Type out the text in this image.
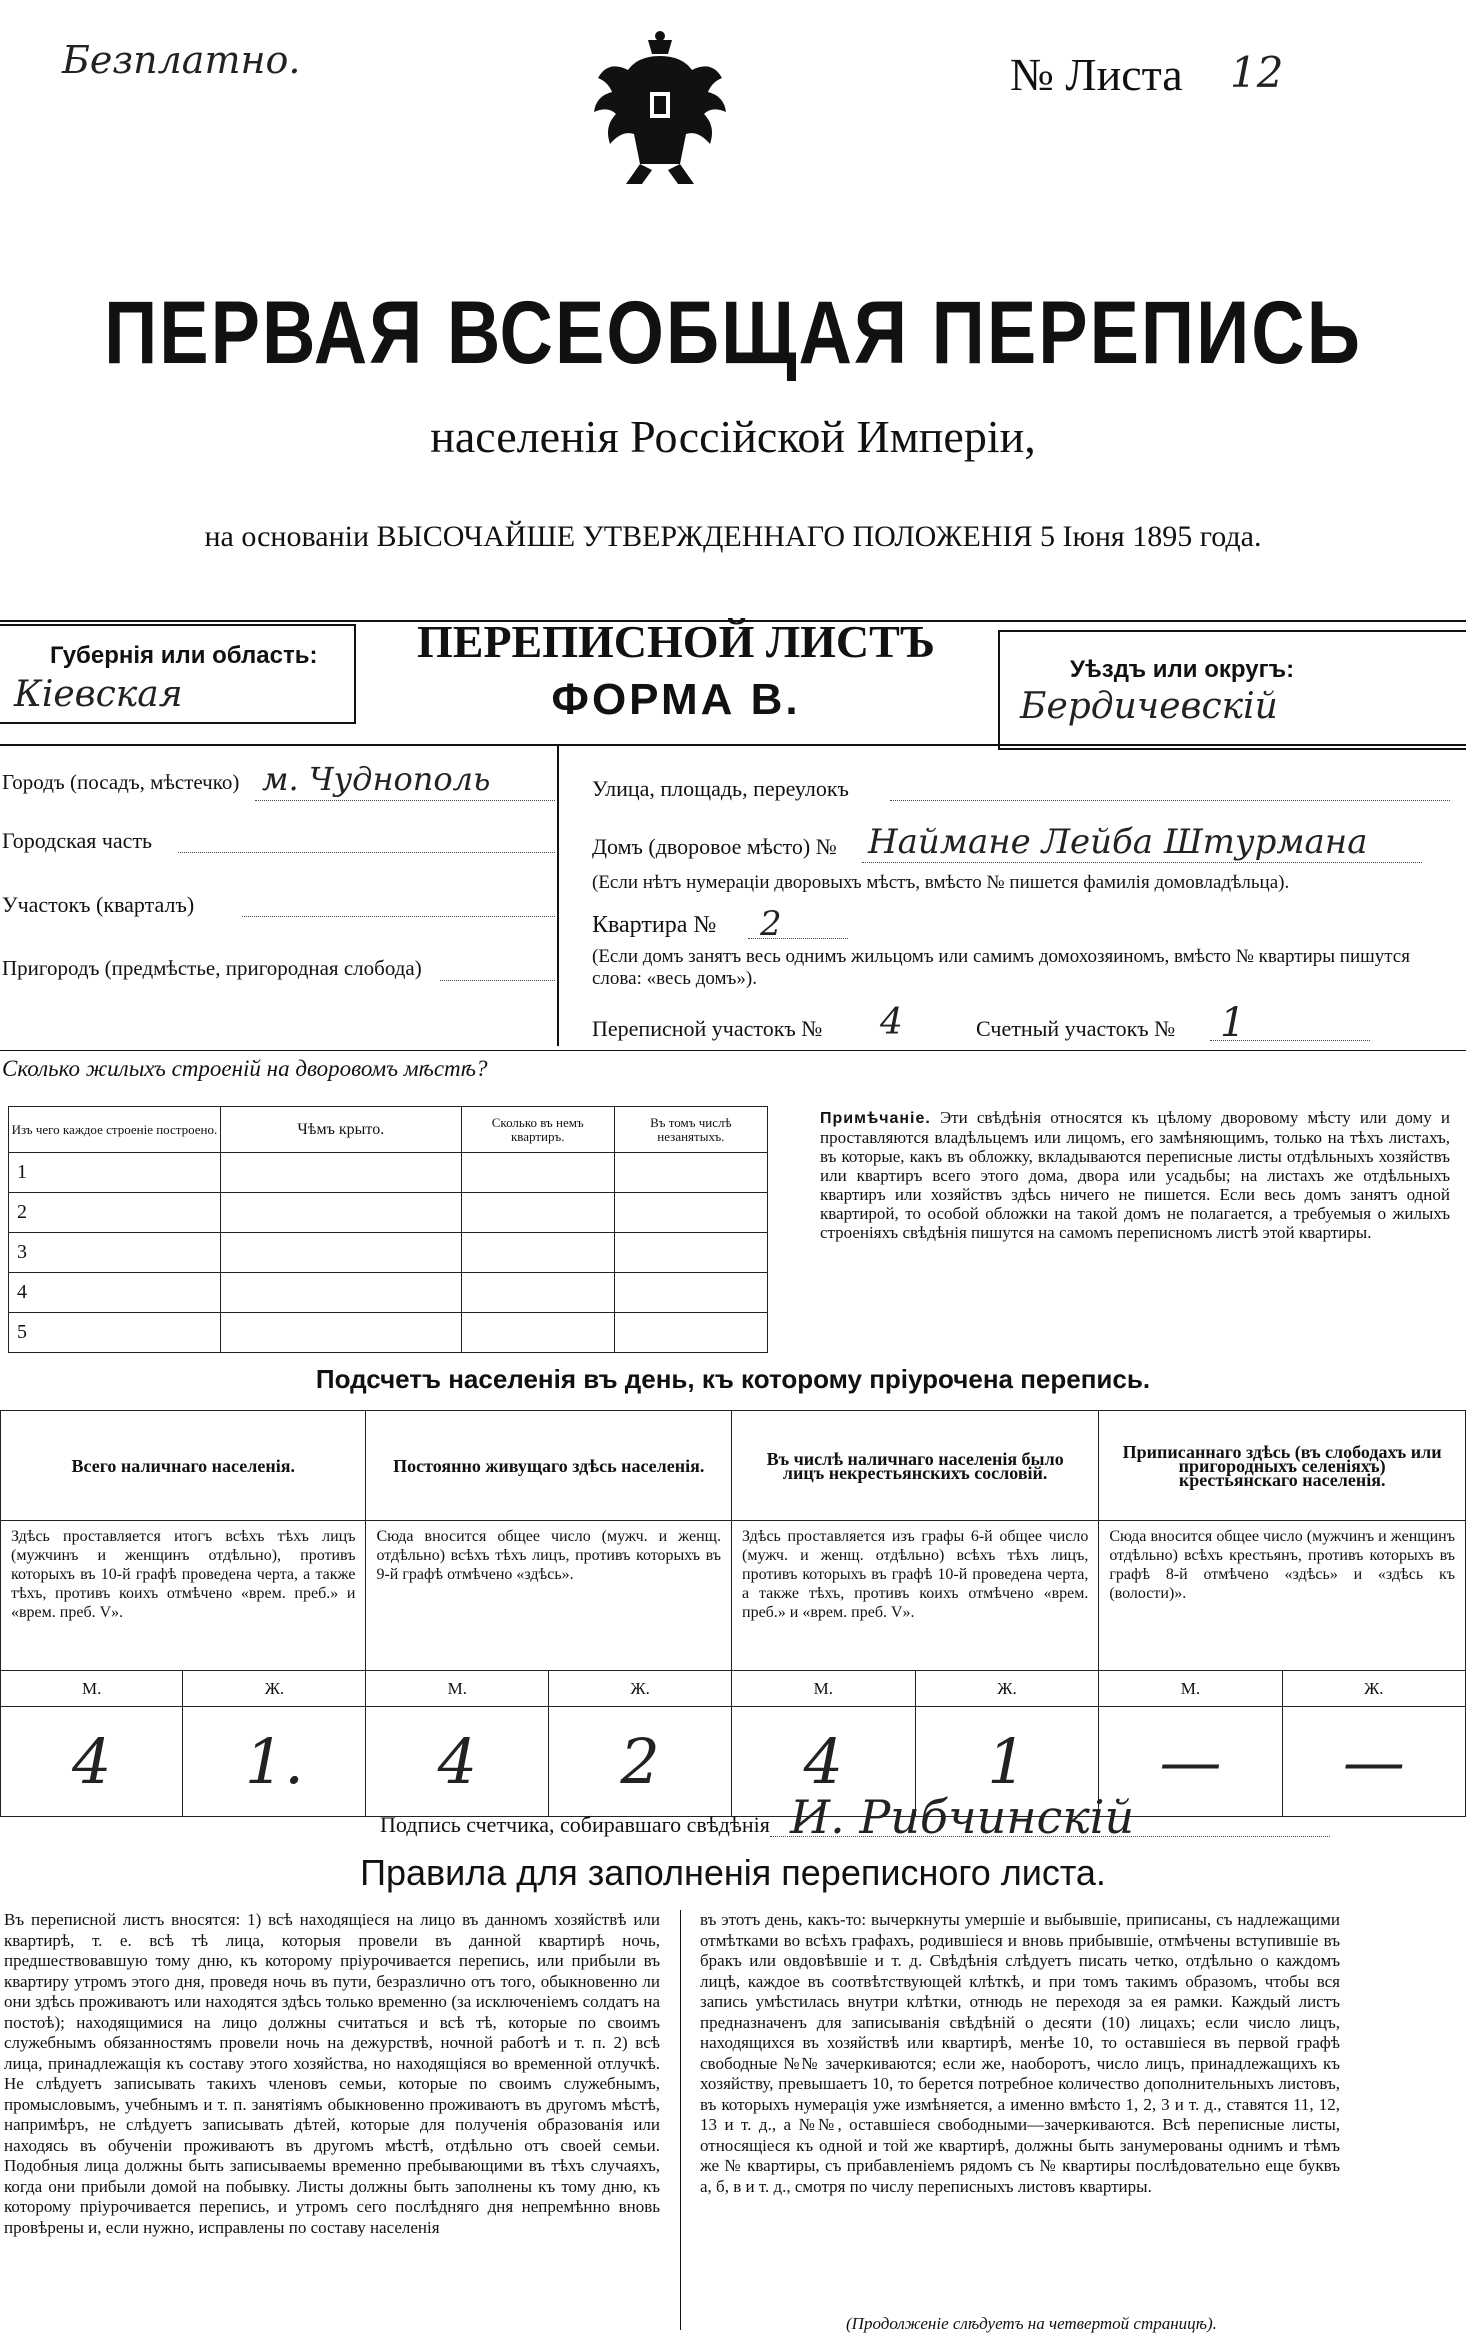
Безплатно.	№ Листа 12
ПЕРВАЯ ВСЕОБЩАЯ ПЕРЕПИСЬ
населенія Россійской Имперіи,
на основаніи ВЫСОЧАЙШЕ УТВЕРЖДЕННАГО ПОЛОЖЕНІЯ 5 Іюня 1895 года.
Губернія или область:
Кіевская
ПЕРЕПИСНОЙ ЛИСТЪ
ФОРМА В.
Уѣздъ или округъ:
Бердичевскій
Городъ (посадъ, мѣстечко) м. Чуднополь
Городская часть
Участокъ (кварталъ)
Пригородъ (предмѣстье, пригородная слобода)
Улица, площадь, переулокъ
Домъ (дворовое мѣсто) № Наймане Лейба Штурмана
(Если нѣтъ нумераціи дворовыхъ мѣстъ, вмѣсто № пишется фамилія домовладѣльца).
Квартира № 2
(Если домъ занятъ весь однимъ жильцомъ или самимъ домохозяиномъ, вмѣсто № квартиры пишутся слова: «весь домъ»).
Переписной участокъ № 4	Счетный участокъ № 1
Сколько жилыхъ строеній на дворовомъ мѣстѣ?
Изъ чего каждое строеніе построено.	Чѣмъ крыто.	Сколько въ немъ квартиръ.	Въ томъ числѣ незанятыхъ.
1			
2			
3			
4			
5			
Примѣчаніе. Эти свѣдѣнія относятся къ цѣлому дворовому мѣсту или дому и проставляются владѣльцемъ или лицомъ, его замѣняющимъ, только на тѣхъ листахъ, въ которые, какъ въ обложку, вкладываются переписные листы отдѣльныхъ хозяйствъ или квартиръ всего этого дома, двора или усадьбы; на листахъ же отдѣльныхъ квартиръ или хозяйствъ здѣсь ничего не пишется. Если весь домъ занятъ одной квартирой, то особой обложки на такой домъ не полагается, а требуемыя о жилыхъ строеніяхъ свѣдѣнія пишутся на самомъ переписномъ листѣ этой квартиры.
Подсчетъ населенія въ день, къ которому пріурочена перепись.
Всего наличнаго населенія.		Постоянно живущаго здѣсь населенія.		Въ числѣ наличнаго населенія было лицъ некрестьянскихъ сословій.		Приписаннаго здѣсь (въ слободахъ или пригородныхъ селеніяхъ) крестьянскаго населенія.	
Здѣсь проставляется итогъ всѣхъ тѣхъ лицъ (мужчинъ и женщинъ отдѣльно), противъ которыхъ въ 10-й графѣ проведена черта, а также тѣхъ, противъ коихъ отмѣчено «врем. преб.» и «врем. преб. V».		Сюда вносится общее число (мужч. и женщ. отдѣльно) всѣхъ тѣхъ лицъ, противъ которыхъ въ 9-й графѣ отмѣчено «здѣсь».		Здѣсь проставляется изъ графы 6-й общее число (мужч. и женщ. отдѣльно) всѣхъ тѣхъ лицъ, противъ которыхъ въ графѣ 10-й проведена черта, а также тѣхъ, противъ коихъ отмѣчено «врем. преб.» и «врем. преб. V».		Сюда вносится общее число (мужчинъ и женщинъ отдѣльно) всѣхъ крестьянъ, противъ которыхъ въ графѣ 8-й отмѣчено «здѣсь» и «здѣсь къ (волости)».	
М.	Ж.	М.	Ж.	М.	Ж.	М.	Ж.
4	1.	4	2	4	1	—	—
Подпись счетчика, собиравшаго свѣдѣнія И. Рибчинскій
Правила для заполненія переписного листа.
Въ переписной листъ вносятся: 1) всѣ находящіеся на лицо въ данномъ хозяйствѣ или квартирѣ, т. е. всѣ тѣ лица, которыя провели въ данной квартирѣ ночь, предшествовавшую тому дню, къ которому пріурочивается перепись, или прибыли въ квартиру утромъ этого дня, проведя ночь въ пути, безразлично отъ того, обыкновенно ли они здѣсь проживаютъ или находятся здѣсь только временно (за исключеніемъ солдатъ на постоѣ); находящимися на лицо должны считаться и всѣ тѣ, которые по своимъ служебнымъ обязанностямъ провели ночь на дежурствѣ, ночной работѣ и т. п. 2) всѣ лица, принадлежащія къ составу этого хозяйства, но находящіяся во временной отлучкѣ. Не слѣдуетъ записывать такихъ членовъ семьи, которые по своимъ служебнымъ, промысловымъ, учебнымъ и т. п. занятіямъ обыкновенно проживаютъ въ другомъ мѣстѣ, напримѣръ, не слѣдуетъ записывать дѣтей, которые для полученія образованія или находясь въ обученіи проживаютъ въ другомъ мѣстѣ, отдѣльно отъ своей семьи. Подобныя лица должны быть записываемы временно пребывающими въ тѣхъ случаяхъ, когда они прибыли домой на побывку. Листы должны быть заполнены къ тому дню, къ которому пріурочивается перепись, и утромъ сего послѣдняго дня непремѣнно вновь провѣрены и, если нужно, исправлены по составу населенія
въ этотъ день, какъ-то: вычеркнуты умершіе и выбывшіе, приписаны, съ надлежащими отмѣтками во всѣхъ графахъ, родившіеся и вновь прибывшіе, отмѣчены вступившіе въ бракъ или овдовѣвшіе и т. д. Свѣдѣнія слѣдуетъ писать четко, отдѣльно о каждомъ лицѣ, каждое въ соотвѣтствующей клѣткѣ, и при томъ такимъ образомъ, чтобы вся запись умѣстилась внутри клѣтки, отнюдь не переходя за ея рамки. Каждый листъ предназначенъ для записыванія свѣдѣній о десяти (10) лицахъ; если число лицъ, находящихся въ хозяйствѣ или квартирѣ, менѣе 10, то оставшіеся въ первой графѣ свободные №№ зачеркиваются; если же, наоборотъ, число лицъ, принадлежащихъ къ хозяйству, превышаетъ 10, то берется потребное количество дополнительныхъ листовъ, въ которыхъ нумерація уже измѣняется, а именно вмѣсто 1, 2, 3 и т. д., ставятся 11, 12, 13 и т. д., а №№, оставшіеся свободными—зачеркиваются. Всѣ переписные листы, относящіеся къ одной и той же квартирѣ, должны быть занумерованы однимъ и тѣмъ же № квартиры, съ прибавленіемъ рядомъ съ № квартиры послѣдовательно еще буквъ а, б, в и т. д., смотря по числу переписныхъ листовъ квартиры.
(Продолженіе слѣдуетъ на четвертой страницѣ).
